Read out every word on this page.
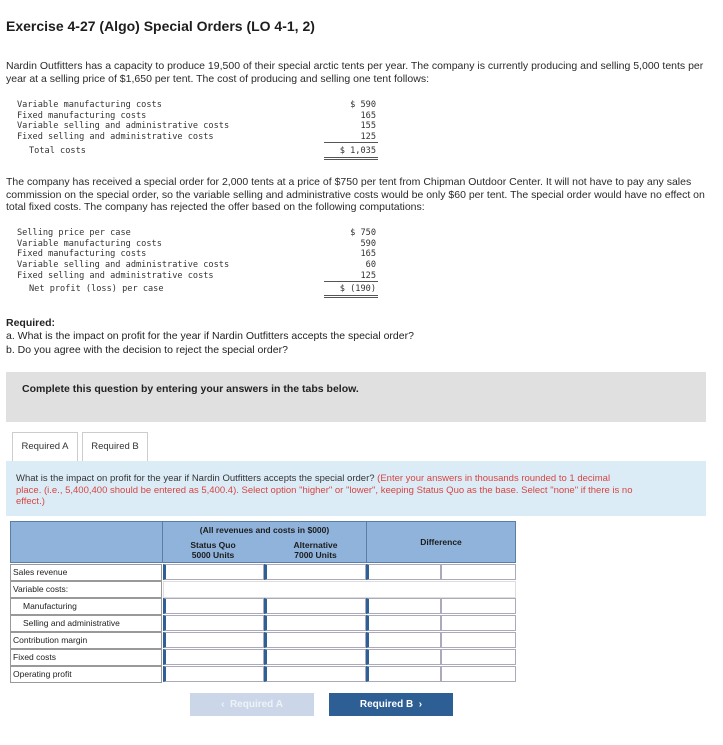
Exercise 4-27 (Algo) Special Orders (LO 4-1, 2)
Nardin Outfitters has a capacity to produce 19,500 of their special arctic tents per year. The company is currently producing and selling 5,000 tents per year at a selling price of $1,650 per tent. The cost of producing and selling one tent follows:
Variable manufacturing costs	$ 590
Fixed manufacturing costs	165
Variable selling and administrative costs	155
Fixed selling and administrative costs	125
Total costs	$ 1,035
The company has received a special order for 2,000 tents at a price of $750 per tent from Chipman Outdoor Center. It will not have to pay any sales commission on the special order, so the variable selling and administrative costs would be only $60 per tent. The special order would have no effect on total fixed costs. The company has rejected the offer based on the following computations:
Selling price per case	$ 750
Variable manufacturing costs	590
Fixed manufacturing costs	165
Variable selling and administrative costs	60
Fixed selling and administrative costs	125
Net profit (loss) per case	$ (190)
Required:
a. What is the impact on profit for the year if Nardin Outfitters accepts the special order?
b. Do you agree with the decision to reject the special order?
Complete this question by entering your answers in the tabs below.
Required A	Required B
What is the impact on profit for the year if Nardin Outfitters accepts the special order? (Enter your answers in thousands rounded to 1 decimal place. (i.e., 5,400,400 should be entered as 5,400.4). Select option "higher" or "lower", keeping Status Quo as the base. Select "none" if there is no effect.)
(All revenues and costs in $000)
Status Quo
5000 Units
Alternative
7000 Units
Difference
Sales revenue
Variable costs:
Manufacturing
Selling and administrative
Contribution margin
Fixed costs
Operating profit
‹  Required A	Required B  ›
